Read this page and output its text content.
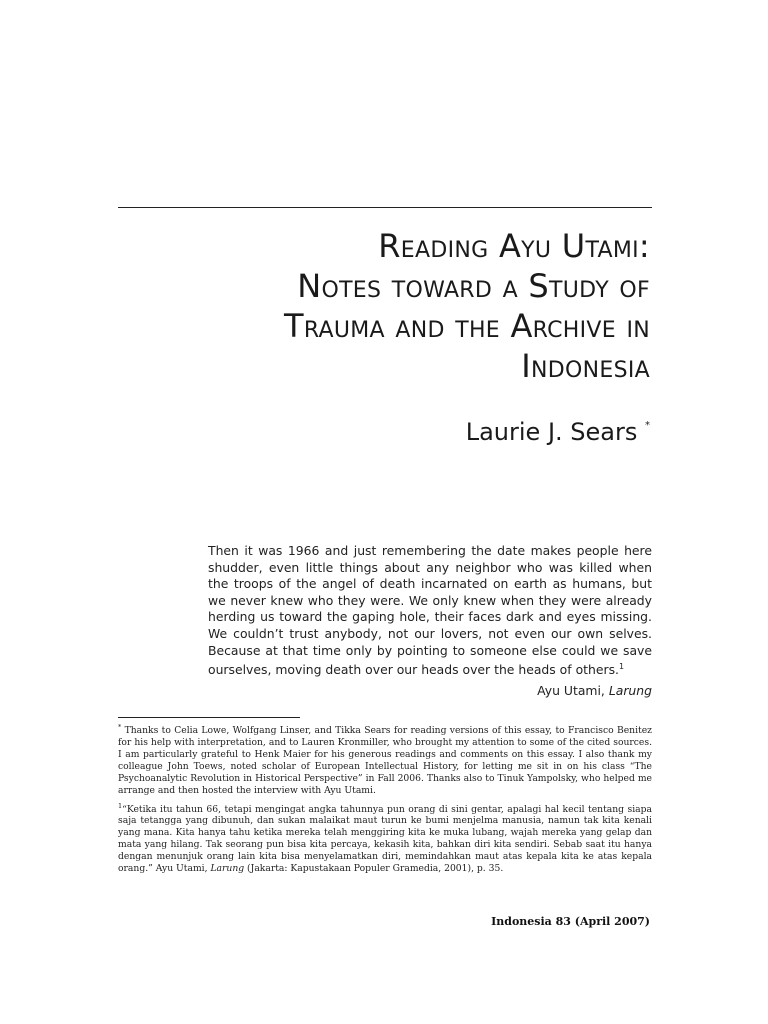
Reading Ayu Utami:
Notes toward a Study of
Trauma and the Archive in
Indonesia
Laurie J. Sears *
Then it was 1966 and just remembering the date makes people here shudder, even little things about any neighbor who was killed when the troops of the angel of death incarnated on earth as humans, but we never knew who they were. We only knew when they were already herding us toward the gaping hole, their faces dark and eyes missing. We couldn’t trust anybody, not our lovers, not even our own selves. Because at that time only by pointing to someone else could we save ourselves, moving death over our heads over the heads of others.$^1$
Ayu Utami, Larung

* Thanks to Celia Lowe, Wolfgang Linser, and Tikka Sears for reading versions of this essay, to Francisco Benitez for his help with interpretation, and to Lauren Kronmiller, who brought my attention to some of the cited sources. I am particularly grateful to Henk Maier for his generous readings and comments on this essay. I also thank my colleague John Toews, noted scholar of European Intellectual History, for letting me sit in on his class “The Psychoanalytic Revolution in Historical Perspective” in Fall 2006. Thanks also to Tinuk Yampolsky, who helped me arrange and then hosted the interview with Ayu Utami.

$^1$“Ketika itu tahun 66, tetapi mengingat angka tahunnya pun orang di sini gentar, apalagi hal kecil tentang siapa saja tetangga yang dibunuh, dan sukan malaikat maut turun ke bumi menjelma manusia, namun tak kita kenali yang mana. Kita hanya tahu ketika mereka telah menggiring kita ke muka lubang, wajah mereka yang gelap dan mata yang hilang. Tak seorang pun bisa kita percaya, kekasih kita, bahkan diri kita sendiri. Sebab saat itu hanya dengan menunjuk orang lain kita bisa menyelamatkan diri, memindahkan maut atas kepala kita ke atas kepala orang.” Ayu Utami, Larung (Jakarta: Kapustakaan Populer Gramedia, 2001), p. 35.

Indonesia 83 (April 2007)
